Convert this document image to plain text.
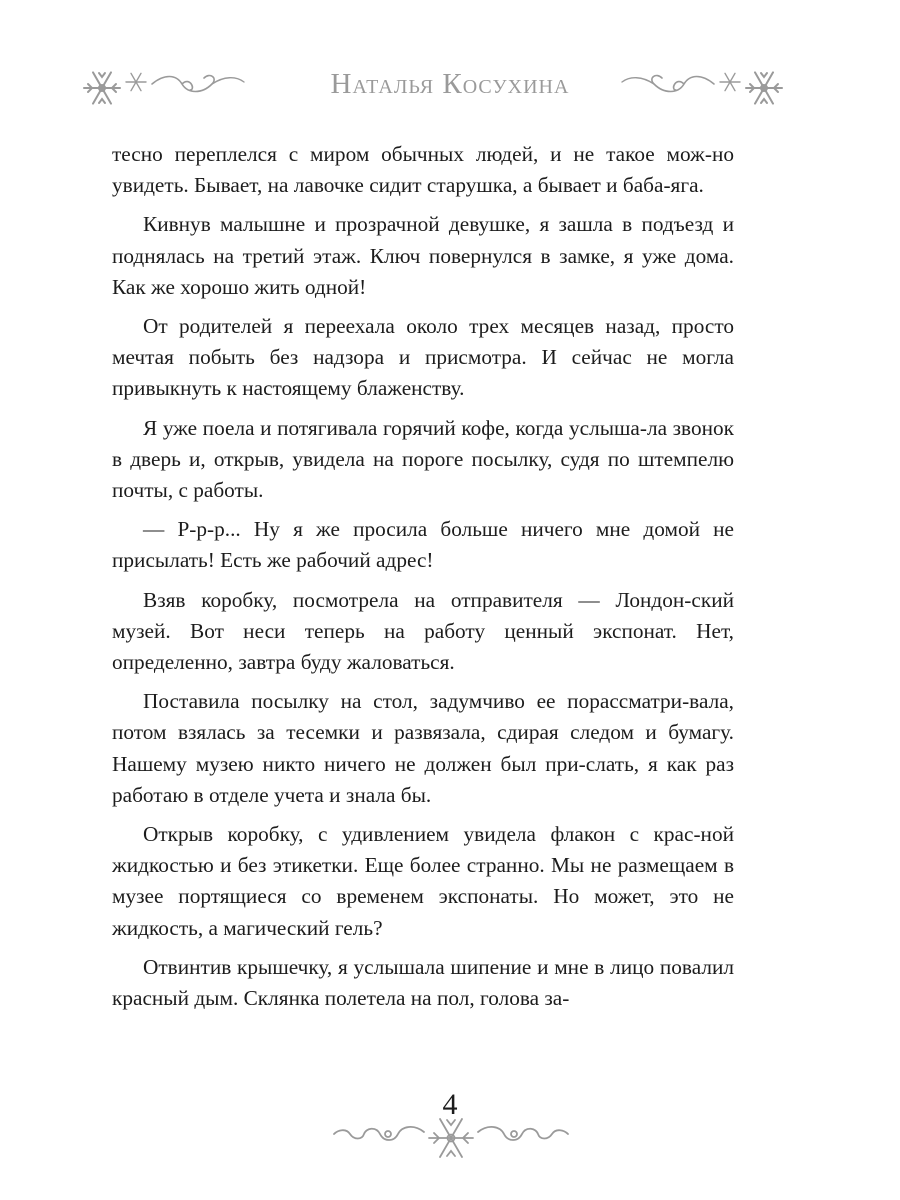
Наталья Косухина

тесно переплелся с миром обычных людей, и не такое мож-но увидеть. Бывает, на лавочке сидит старушка, а бывает и баба-яга.

Кивнув малышне и прозрачной девушке, я зашла в подъезд и поднялась на третий этаж. Ключ повернулся в замке, я уже дома. Как же хорошо жить одной!

От родителей я переехала около трех месяцев назад, просто мечтая побыть без надзора и присмотра. И сейчас не могла привыкнуть к настоящему блаженству.

Я уже поела и потягивала горячий кофе, когда услыша-ла звонок в дверь и, открыв, увидела на пороге посылку, судя по штемпелю почты, с работы.

— Р-р-р... Ну я же просила больше ничего мне домой не присылать! Есть же рабочий адрес!

Взяв коробку, посмотрела на отправителя — Лондон-ский музей. Вот неси теперь на работу ценный экспонат. Нет, определенно, завтра буду жаловаться.

Поставила посылку на стол, задумчиво ее порассматри-вала, потом взялась за тесемки и развязала, сдирая следом и бумагу. Нашему музею никто ничего не должен был при-слать, я как раз работаю в отделе учета и знала бы.

Открыв коробку, с удивлением увидела флакон с крас-ной жидкостью и без этикетки. Еще более странно. Мы не размещаем в музее портящиеся со временем экспонаты. Но может, это не жидкость, а магический гель?

Отвинтив крышечку, я услышала шипение и мне в лицо повалил красный дым. Склянка полетела на пол, голова за-

4
